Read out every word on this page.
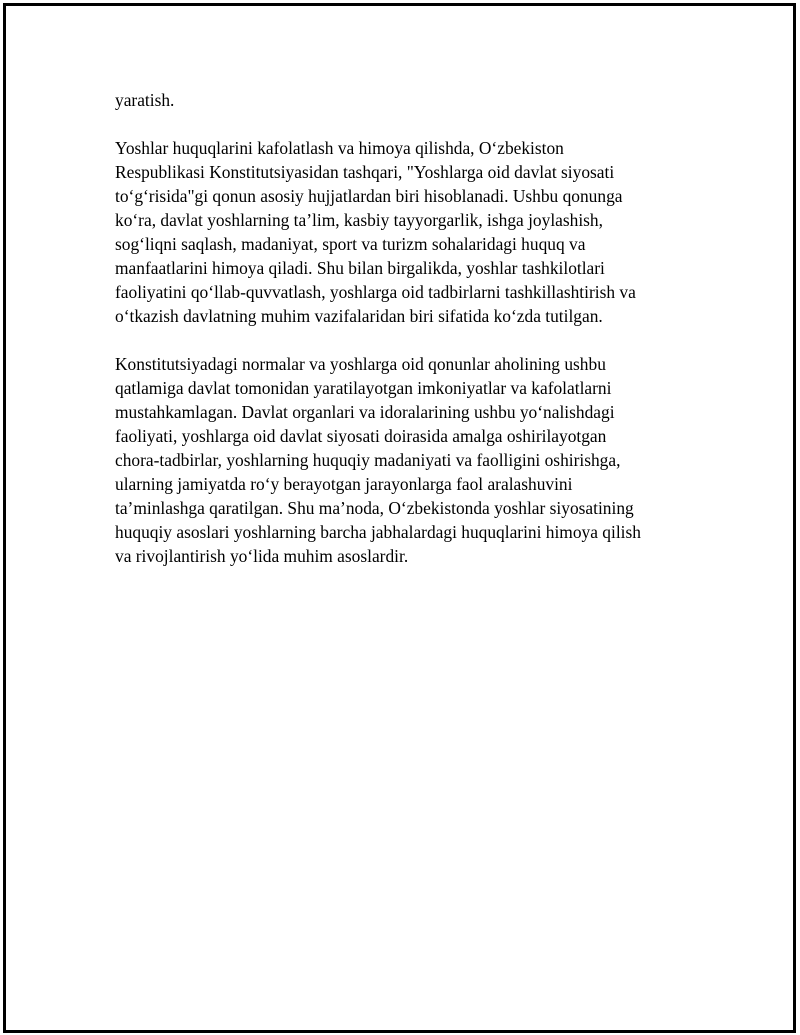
yaratish.
Yoshlar huquqlarini kafolatlash va himoya qilishda, O‘zbekiston
Respublikasi Konstitutsiyasidan tashqari, "Yoshlarga oid davlat siyosati
to‘g‘risida"gi qonun asosiy hujjatlardan biri hisoblanadi. Ushbu qonunga
ko‘ra, davlat yoshlarning ta’lim, kasbiy tayyorgarlik, ishga joylashish,
sog‘liqni saqlash, madaniyat, sport va turizm sohalaridagi huquq va
manfaatlarini himoya qiladi. Shu bilan birgalikda, yoshlar tashkilotlari
faoliyatini qo‘llab-quvvatlash, yoshlarga oid tadbirlarni tashkillashtirish va
o‘tkazish davlatning muhim vazifalaridan biri sifatida ko‘zda tutilgan.
Konstitutsiyadagi normalar va yoshlarga oid qonunlar aholining ushbu
qatlamiga davlat tomonidan yaratilayotgan imkoniyatlar va kafolatlarni
mustahkamlagan. Davlat organlari va idoralarining ushbu yo‘nalishdagi
faoliyati, yoshlarga oid davlat siyosati doirasida amalga oshirilayotgan
chora-tadbirlar, yoshlarning huquqiy madaniyati va faolligini oshirishga,
ularning jamiyatda ro‘y berayotgan jarayonlarga faol aralashuvini
ta’minlashga qaratilgan. Shu ma’noda, O‘zbekistonda yoshlar siyosatining
huquqiy asoslari yoshlarning barcha jabhalardagi huquqlarini himoya qilish
va rivojlantirish yo‘lida muhim asoslardir.
